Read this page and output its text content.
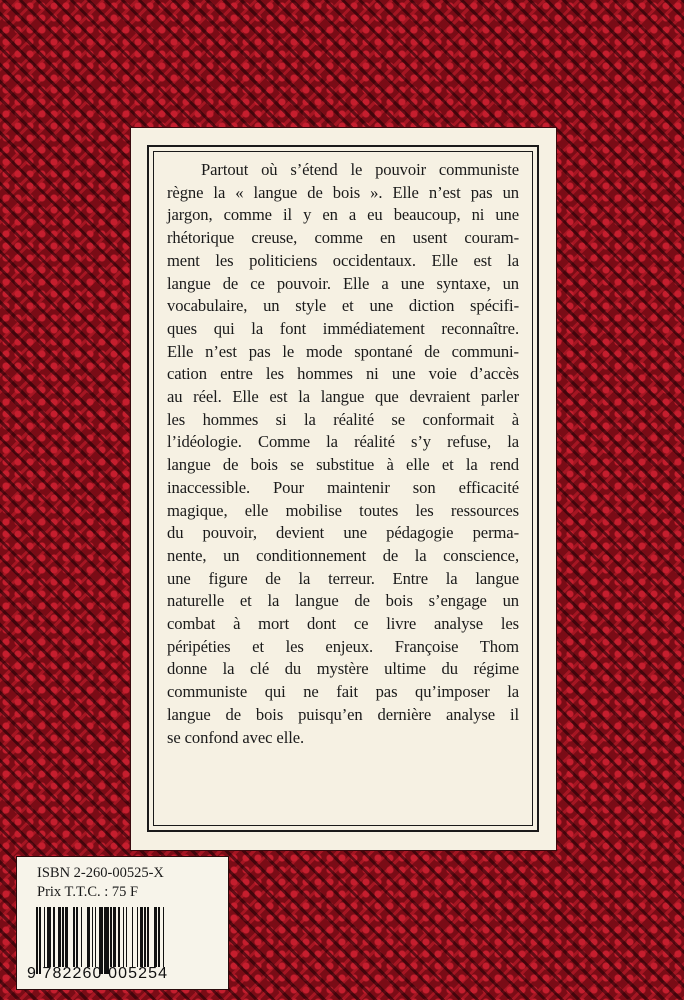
Partout où s’étend le pouvoir communiste
règne la « langue de bois ». Elle n’est pas un
jargon, comme il y en a eu beaucoup, ni une
rhétorique creuse, comme en usent couram-
ment les politiciens occidentaux. Elle est la
langue de ce pouvoir. Elle a une syntaxe, un
vocabulaire, un style et une diction spécifi-
ques qui la font immédiatement reconnaître.
Elle n’est pas le mode spontané de communi-
cation entre les hommes ni une voie d’accès
au réel. Elle est la langue que devraient parler
les hommes si la réalité se conformait à
l’idéologie. Comme la réalité s’y refuse, la
langue de bois se substitue à elle et la rend
inaccessible. Pour maintenir son efficacité
magique, elle mobilise toutes les ressources
du pouvoir, devient une pédagogie perma-
nente, un conditionnement de la conscience,
une figure de la terreur. Entre la langue
naturelle et la langue de bois s’engage un
combat à mort dont ce livre analyse les
péripéties et les enjeux. Françoise Thom
donne la clé du mystère ultime du régime
communiste qui ne fait pas qu’imposer la
langue de bois puisqu’en dernière analyse il
se confond avec elle.

ISBN 2-260-00525-X
Prix T.T.C. : 75 F
9 782260 005254
